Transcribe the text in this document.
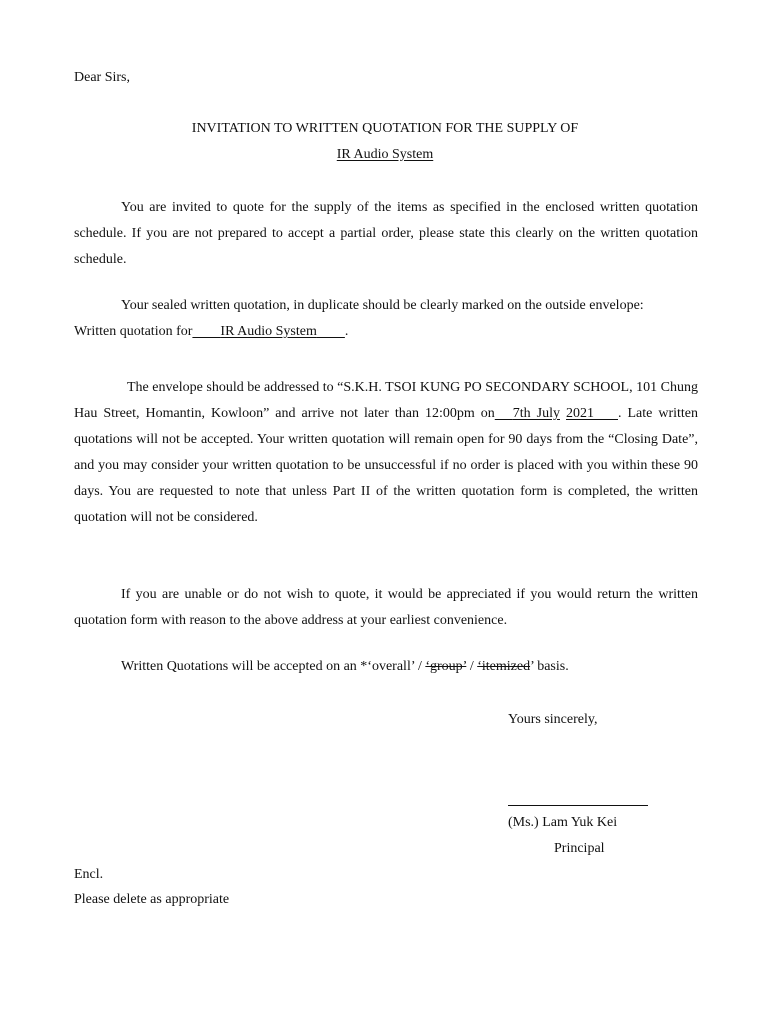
Dear Sirs,
INVITATION TO WRITTEN QUOTATION FOR THE SUPPLY OF
IR Audio System
You are invited to quote for the supply of the items as specified in the enclosed written quotation schedule. If you are not prepared to accept a partial order, please state this clearly on the written quotation schedule.
Your sealed written quotation, in duplicate should be clearly marked on the outside envelope:
Written quotation for IR Audio System .
The envelope should be addressed to “S.K.H. TSOI KUNG PO SECONDARY SCHOOL, 101 Chung Hau Street, Homantin, Kowloon” and arrive not later than 12:00pm on 7th July 2021 . Late written quotations will not be accepted. Your written quotation will remain open for 90 days from the “Closing Date”, and you may consider your written quotation to be unsuccessful if no order is placed with you within these 90 days. You are requested to note that unless Part II of the written quotation form is completed, the written quotation will not be considered.
If you are unable or do not wish to quote, it would be appreciated if you would return the written quotation form with reason to the above address at your earliest convenience.
Written Quotations will be accepted on an *‘overall’ / ‘group’ / ‘itemized’ basis.
Yours sincerely,
(Ms.) Lam Yuk Kei
Principal
Encl.
Please delete as appropriate
